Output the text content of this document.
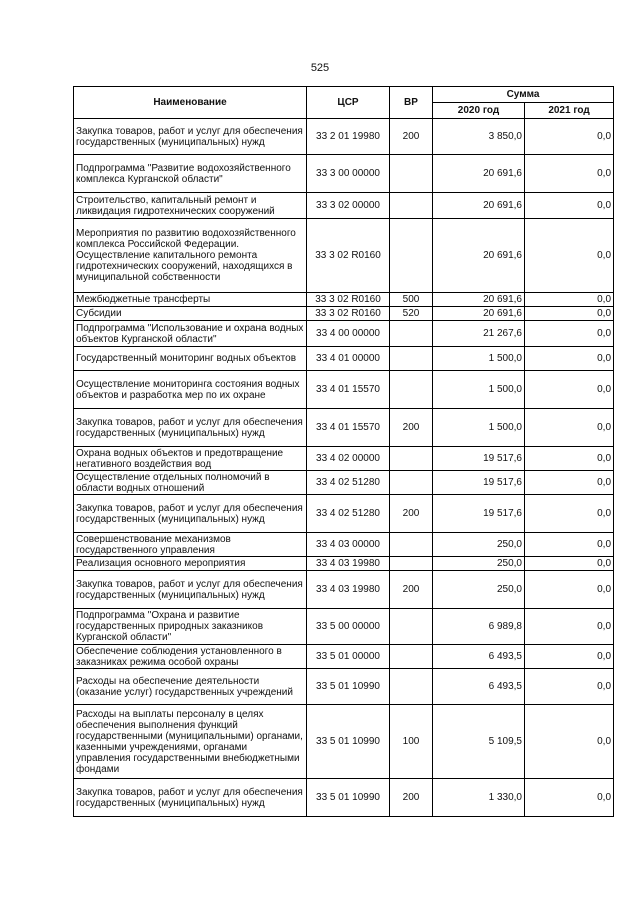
525
Наименование	ЦСР	ВР	Сумма	
			2020 год	2021 год
Закупка товаров, работ и услуг для обеспечения государственных (муниципальных) нужд	33 2 01 19980	200	3 850,0	0,0
Подпрограмма "Развитие водохозяйственного комплекса Курганской области"	33 3 00 00000		20 691,6	0,0
Строительство, капитальный ремонт и ликвидация гидротехнических сооружений	33 3 02 00000		20 691,6	0,0
Мероприятия по развитию водохозяйственного комплекса Российской Федерации. Осуществление капитального ремонта гидротехнических сооружений, находящихся в муниципальной собственности	33 3 02 R0160		20 691,6	0,0
Межбюджетные трансферты	33 3 02 R0160	500	20 691,6	0,0
Субсидии	33 3 02 R0160	520	20 691,6	0,0
Подпрограмма "Использование и охрана водных объектов Курганской области"	33 4 00 00000		21 267,6	0,0
Государственный мониторинг водных объектов	33 4 01 00000		1 500,0	0,0
Осуществление мониторинга состояния водных объектов и разработка мер по их охране	33 4 01 15570		1 500,0	0,0
Закупка товаров, работ и услуг для обеспечения государственных (муниципальных) нужд	33 4 01 15570	200	1 500,0	0,0
Охрана водных объектов и предотвращение негативного воздействия вод	33 4 02 00000		19 517,6	0,0
Осуществление отдельных полномочий в области водных отношений	33 4 02 51280		19 517,6	0,0
Закупка товаров, работ и услуг для обеспечения государственных (муниципальных) нужд	33 4 02 51280	200	19 517,6	0,0
Совершенствование механизмов государственного управления	33 4 03 00000		250,0	0,0
Реализация основного мероприятия	33 4 03 19980		250,0	0,0
Закупка товаров, работ и услуг для обеспечения государственных (муниципальных) нужд	33 4 03 19980	200	250,0	0,0
Подпрограмма "Охрана и развитие государственных природных заказников Курганской области"	33 5 00 00000		6 989,8	0,0
Обеспечение соблюдения установленного в заказниках режима особой охраны	33 5 01 00000		6 493,5	0,0
Расходы на обеспечение деятельности (оказание услуг) государственных учреждений	33 5 01 10990		6 493,5	0,0
Расходы на выплаты персоналу в целях обеспечения выполнения функций государственными (муниципальными) органами, казенными учреждениями, органами управления государственными внебюджетными фондами	33 5 01 10990	100	5 109,5	0,0
Закупка товаров, работ и услуг для обеспечения государственных (муниципальных) нужд	33 5 01 10990	200	1 330,0	0,0
